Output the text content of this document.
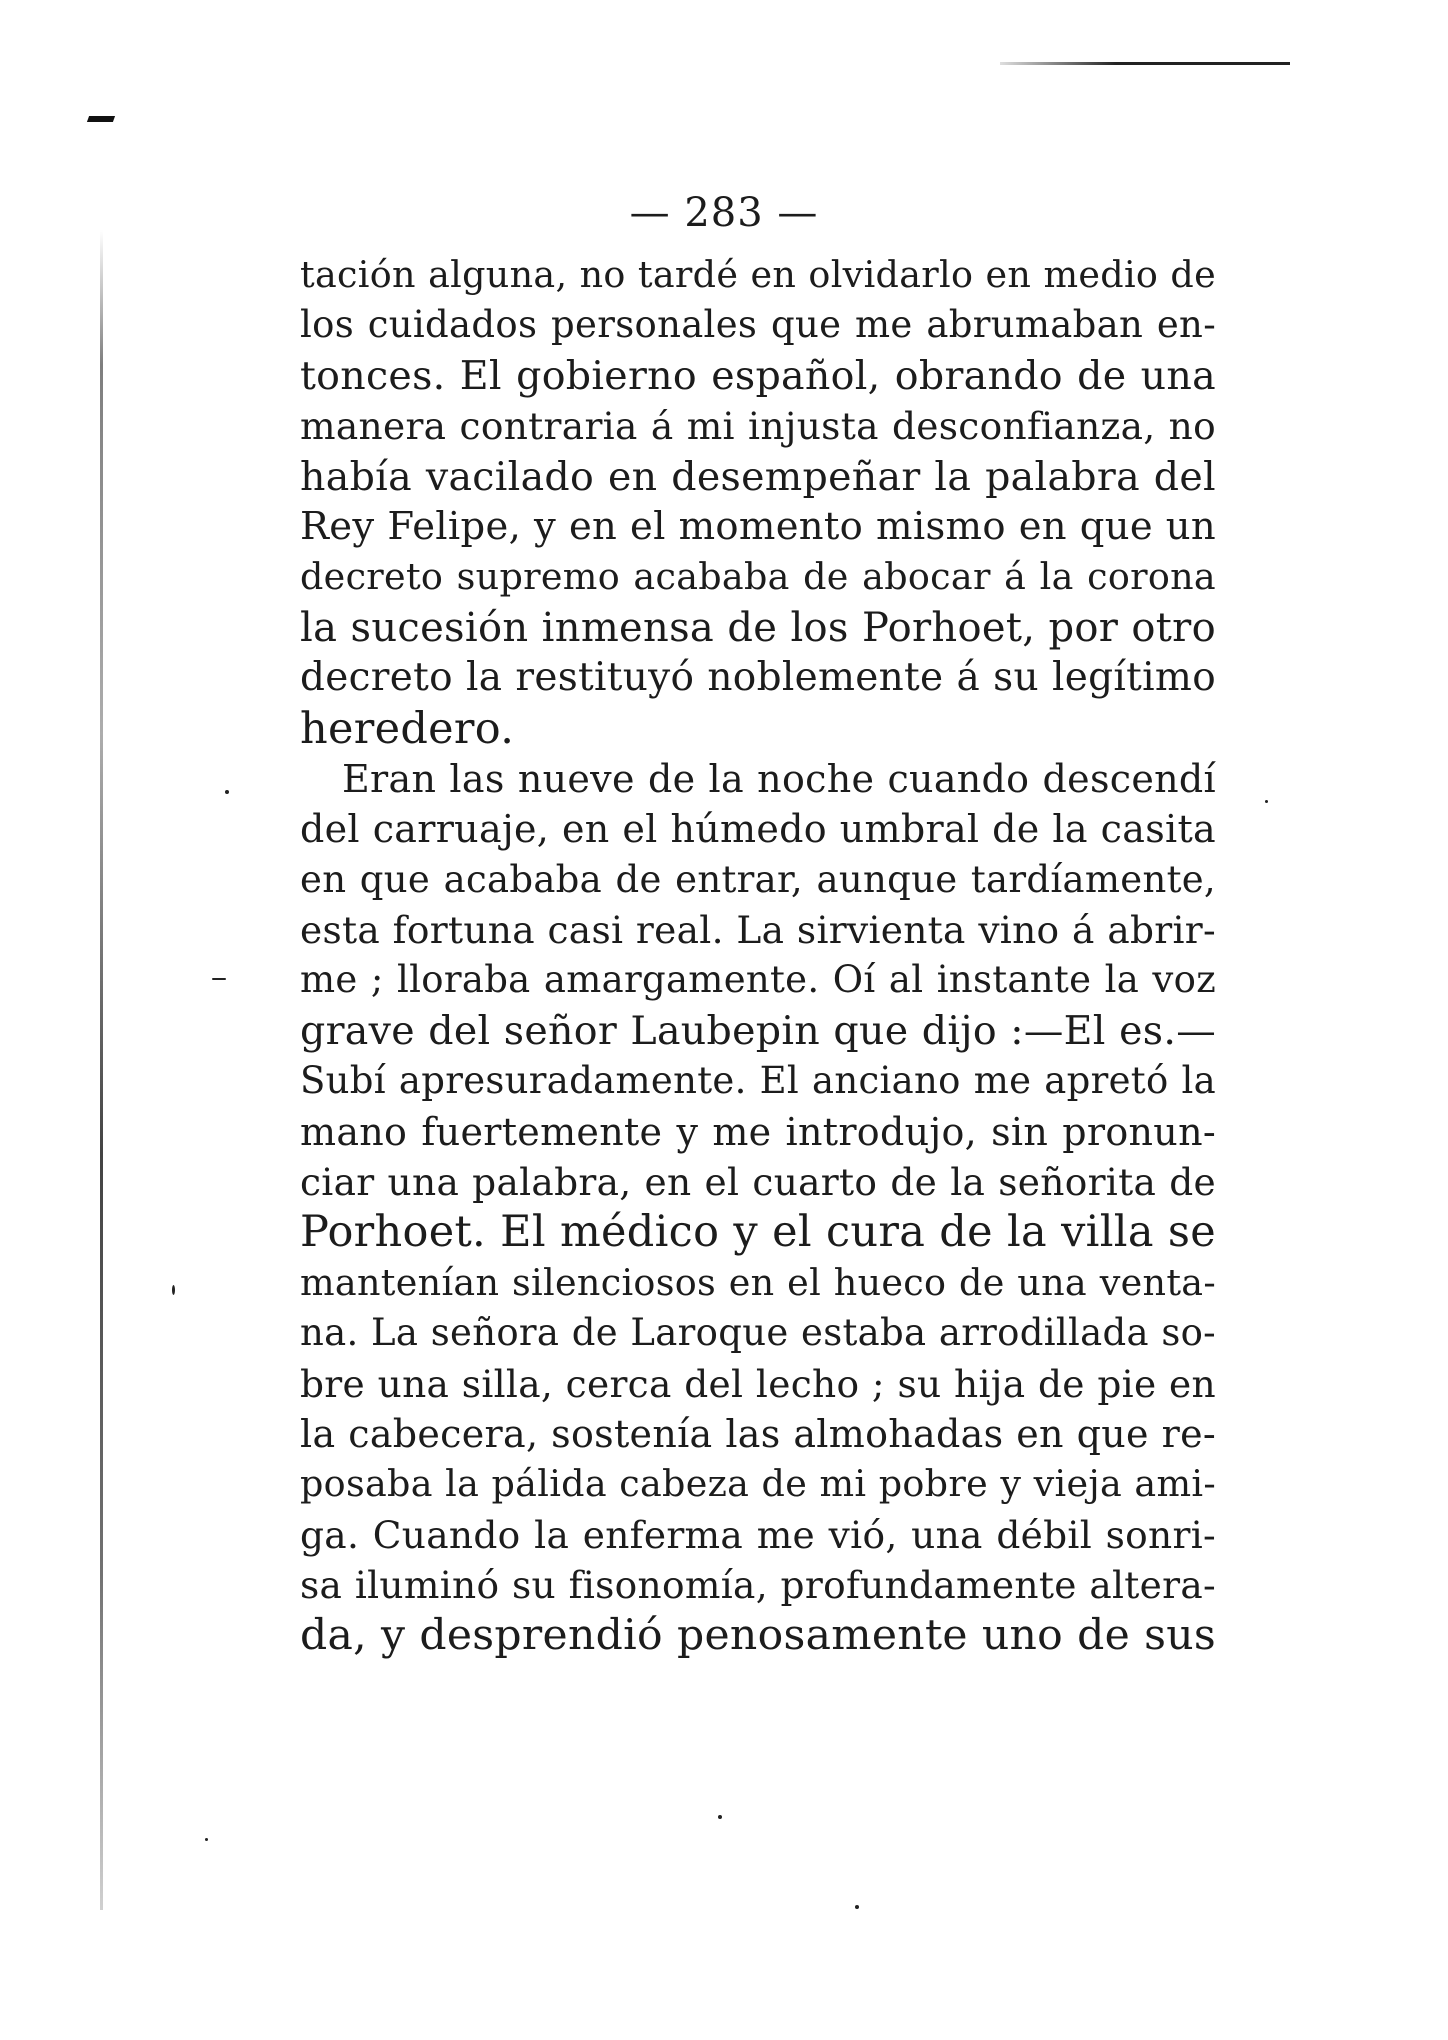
— 283 —
tación alguna, no tardé en olvidarlo en medio de
los cuidados personales que me abrumaban en-
tonces. El gobierno español, obrando de una
manera contraria á mi injusta desconfianza, no
había vacilado en desempeñar la palabra del
Rey Felipe, y en el momento mismo en que un
decreto supremo acababa de abocar á la corona
la sucesión inmensa de los Porhoet, por otro
decreto la restituyó noblemente á su legítimo
heredero.
Eran las nueve de la noche cuando descendí
del carruaje, en el húmedo umbral de la casita
en que acababa de entrar, aunque tardíamente,
esta fortuna casi real. La sirvienta vino á abrir-
me ; lloraba amargamente. Oí al instante la voz
grave del señor Laubepin que dijo :—El es.—
Subí apresuradamente. El anciano me apretó la
mano fuertemente y me introdujo, sin pronun-
ciar una palabra, en el cuarto de la señorita de
Porhoet. El médico y el cura de la villa se
mantenían silenciosos en el hueco de una venta-
na. La señora de Laroque estaba arrodillada so-
bre una silla, cerca del lecho ; su hija de pie en
la cabecera, sostenía las almohadas en que re-
posaba la pálida cabeza de mi pobre y vieja ami-
ga. Cuando la enferma me vió, una débil sonri-
sa iluminó su fisonomía, profundamente altera-
da, y desprendió penosamente uno de sus
